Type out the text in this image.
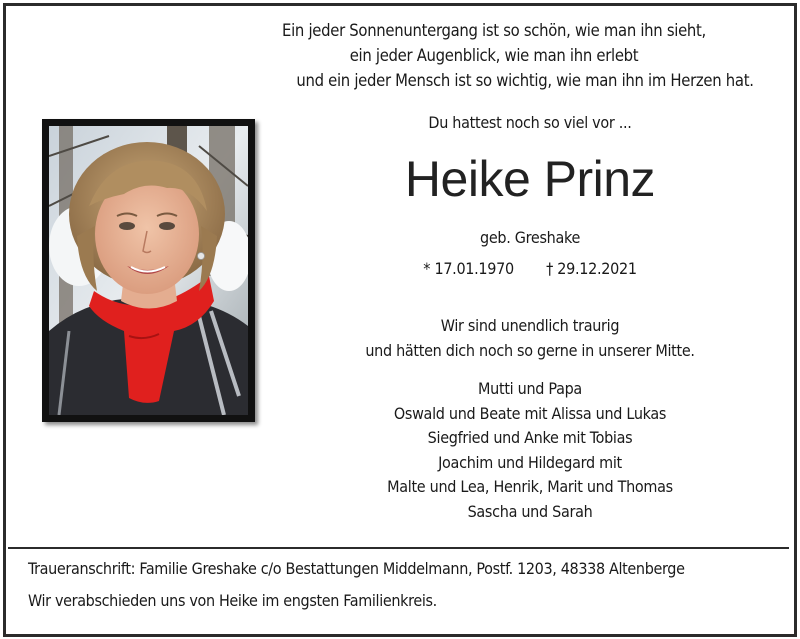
Ein jeder Sonnenuntergang ist so schön, wie man ihn sieht,
ein jeder Augenblick, wie man ihn erlebt
und ein jeder Mensch ist so wichtig, wie man ihn im Herzen hat.
Du hattest noch so viel vor ...
Heike Prinz
geb. Greshake
* 17.01.1970 † 29.12.2021
Wir sind unendlich traurig
und hätten dich noch so gerne in unserer Mitte.
Mutti und Papa
Oswald und Beate mit Alissa und Lukas
Siegfried und Anke mit Tobias
Joachim und Hildegard mit
Malte und Lea, Henrik, Marit und Thomas
Sascha und Sarah
Traueranschrift: Familie Greshake c/o Bestattungen Middelmann, Postf. 1203, 48338 Altenberge
Wir verabschieden uns von Heike im engsten Familienkreis.
